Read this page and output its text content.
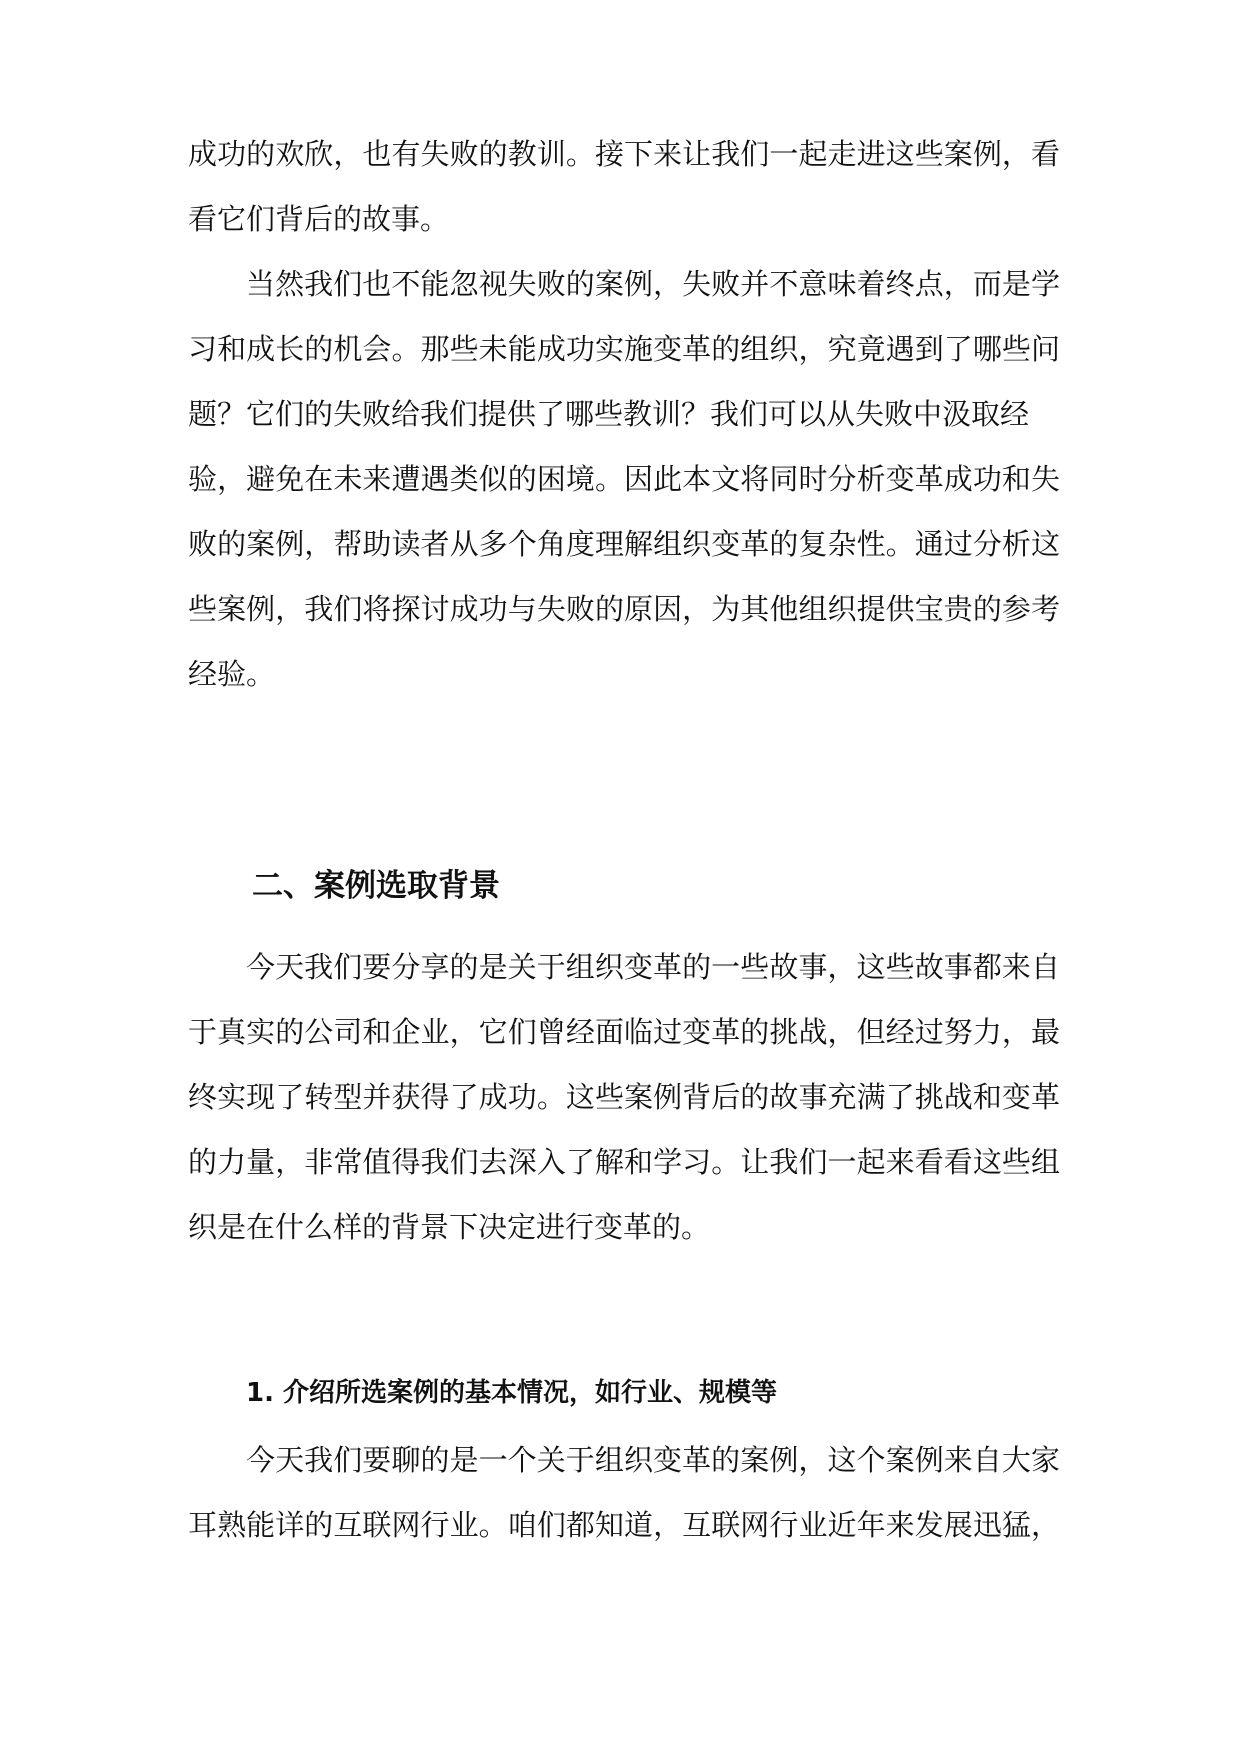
成功的欢欣，也有失败的教训。接下来让我们一起走进这些案例，看
看它们背后的故事。
当然我们也不能忽视失败的案例，失败并不意味着终点，而是学
习和成长的机会。那些未能成功实施变革的组织，究竟遇到了哪些问
题？它们的失败给我们提供了哪些教训？我们可以从失败中汲取经
验，避免在未来遭遇类似的困境。因此本文将同时分析变革成功和失
败的案例，帮助读者从多个角度理解组织变革的复杂性。通过分析这
些案例，我们将探讨成功与失败的原因，为其他组织提供宝贵的参考
经验。
二、案例选取背景
今天我们要分享的是关于组织变革的一些故事，这些故事都来自
于真实的公司和企业，它们曾经面临过变革的挑战，但经过努力，最
终实现了转型并获得了成功。这些案例背后的故事充满了挑战和变革
的力量，非常值得我们去深入了解和学习。让我们一起来看看这些组
织是在什么样的背景下决定进行变革的。
1. 介绍所选案例的基本情况，如行业、规模等
今天我们要聊的是一个关于组织变革的案例，这个案例来自大家
耳熟能详的互联网行业。咱们都知道，互联网行业近年来发展迅猛，
